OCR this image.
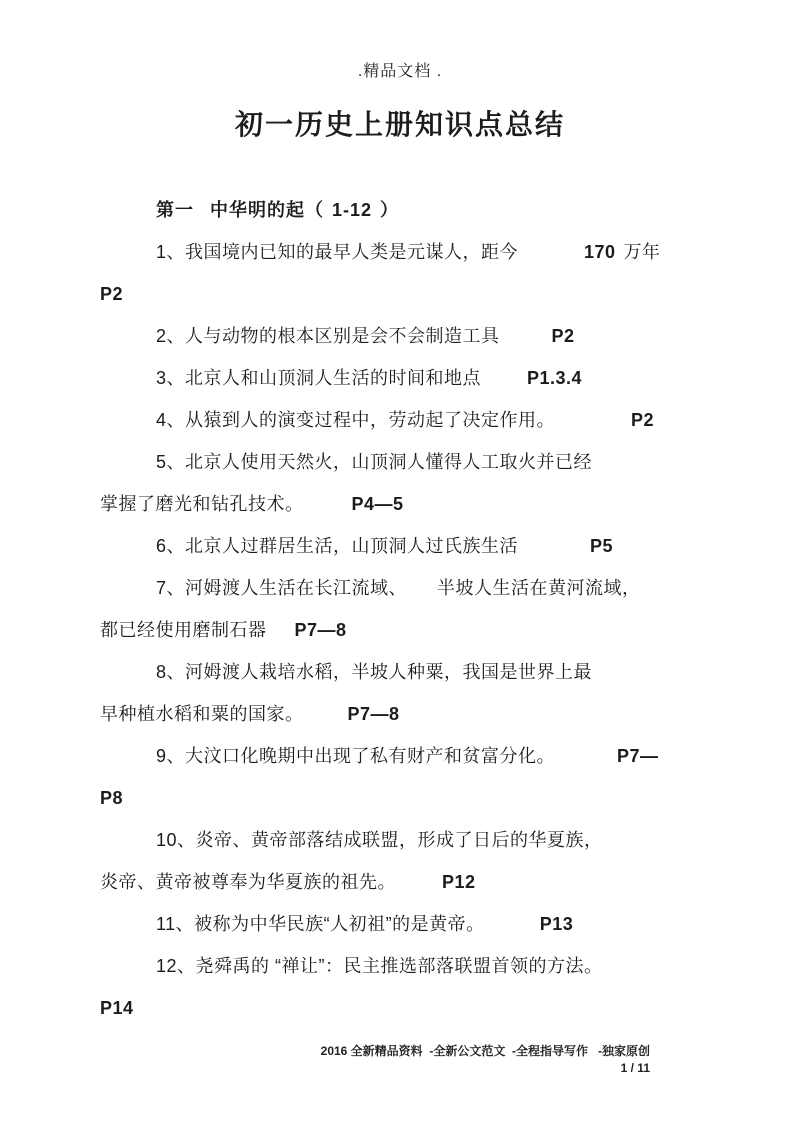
.精品文档 .
初一历史上册知识点总结
第一 中华明的起（ 1-12 ）
1、我国境内已知的最早人类是元谋人，距今	170 万年
P2
2、人与动物的根本区别是会不会制造工具	P2
3、北京人和山顶洞人生活的时间和地点	P1.3.4
4、从猿到人的演变过程中，劳动起了决定作用。	P2
5、北京人使用天然火，山顶洞人懂得人工取火并已经
掌握了磨光和钻孔技术。	P4—5
6、北京人过群居生活，山顶洞人过氏族生活	P5
7、河姆渡人生活在长江流域、 半坡人生活在黄河流域，
都已经使用磨制石器 P7—8
8、河姆渡人栽培水稻，半坡人种粟，我国是世界上最
早种植水稻和粟的国家。 P7—8
9、大汶口化晚期中出现了私有财产和贫富分化。	P7—
P8
10、炎帝、黄帝部落结成联盟，形成了日后的华夏族，
炎帝、黄帝被尊奉为华夏族的祖先。	P12
11、被称为中华民族“人初祖”的是黄帝。	P13
12、尧舜禹的 “禅让”：民主推选部落联盟首领的方法。
P14
2016 全新精品资料  -全新公文范文  -全程指导写作   -独家原创
1 / 11
